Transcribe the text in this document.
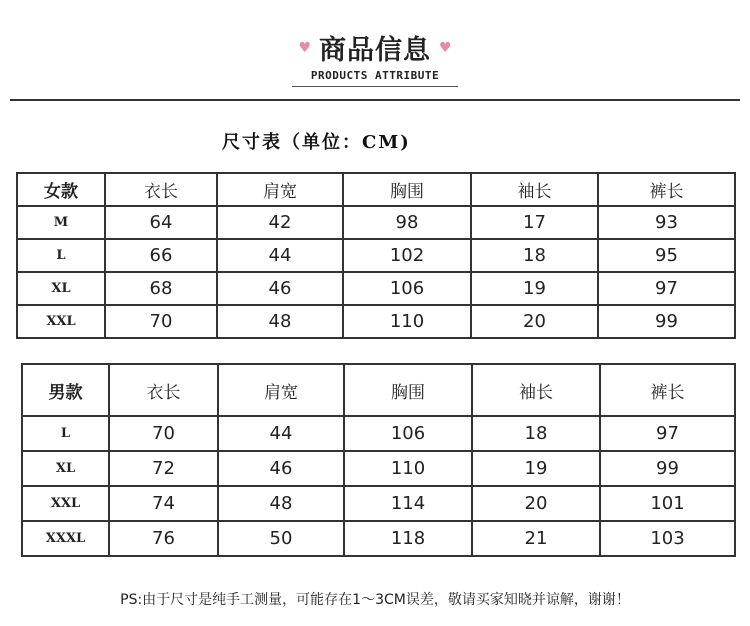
♥ 商品信息 ♥
PRODUCTS ATTRIBUTE
尺寸表（单位：CM)
女款	衣长	肩宽	胸围	袖长	裤长
M	64	42	98	17	93
L	66	44	102	18	95
XL	68	46	106	19	97
XXL	70	48	110	20	99
男款	衣长	肩宽	胸围	袖长	裤长
L	70	44	106	18	97
XL	72	46	110	19	99
XXL	74	48	114	20	101
XXXL	76	50	118	21	103
PS:由于尺寸是纯手工测量，可能存在1～3CM误差，敬请买家知晓并谅解，谢谢！
